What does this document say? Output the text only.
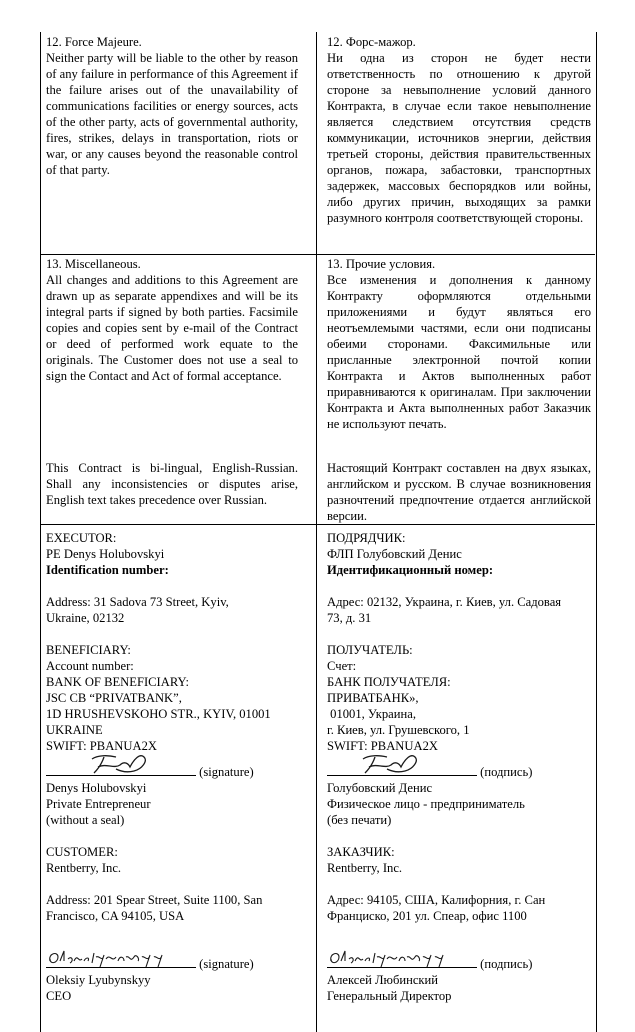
12. Force Majeure.
Neither party will be liable to the other by reason of any failure in performance of this Agreement if the failure arises out of the unavailability of communications facilities or energy sources, acts of the other party, acts of governmental authority, fires, strikes, delays in transportation, riots or war, or any causes beyond the reasonable control of that party.
12. Форс-мажор.
Ни одна из сторон не будет нести ответственность по отношению к другой стороне за невыполнение условий данного Контракта, в случае если такое невыполнение является следствием отсутствия средств коммуникации, источников энергии, действия третьей стороны, действия правительственных органов, пожара, забастовки, транспортных задержек, массовых беспорядков или войны, либо других причин, выходящих за рамки разумного контроля соответствующей стороны.
13. Miscellaneous.
All changes and additions to this Agreement are drawn up as separate appendixes and will be its integral parts if signed by both parties. Facsimile copies and copies sent by e-mail of the Contract or deed of performed work equate to the originals. The Customer does not use a seal to sign the Contact and Act of formal acceptance.
This Contract is bi-lingual, English-Russian. Shall any inconsistencies or disputes arise, English text takes precedence over Russian.
13. Прочие условия.
Все изменения и дополнения к данному Контракту оформляются отдельными приложениями и будут являться его неотъемлемыми частями, если они подписаны обеими сторонами. Факсимильные или присланные электронной почтой копии Контракта и Актов выполненных работ приравниваются к оригиналам. При заключении Контракта и Акта выполненных работ Заказчик не используют печать.
Настоящий Контракт составлен на двух языках, английском и русском. В случае возникновения разночтений предпочтение отдается английской версии.
EXECUTOR:
PE Denys Holubovskyi
Identification number:
Address: 31 Sadova 73 Street, Kyiv,
Ukraine, 02132
BENEFICIARY:
Account number:
BANK OF BENEFICIARY:
JSC CB “PRIVATBANK”,
1D HRUSHEVSKOHO STR., KYIV, 01001
UKRAINE
SWIFT: PBANUA2X
(signature)
Denys Holubovskyi
Private Entrepreneur
(without a seal)
CUSTOMER:
Rentberry, Inc.
Address: 201 Spear Street, Suite 1100, San
Francisco, CA 94105, USA
(signature)
Oleksiy Lyubynskyy
CEO
ПОДРЯДЧИК:
ФЛП Голубовский Денис
Идентификационный номер:
Адрес: 02132, Украина, г. Киев, ул. Садовая
73, д. 31
ПОЛУЧАТЕЛЬ:
Счет:
БАНК ПОЛУЧАТЕЛЯ:
ПРИВАТБАНК»,
01001, Украина,
г. Киев, ул. Грушевского, 1
SWIFT: PBANUA2X
(подпись)
Голубовский Денис
Физическое лицо - предприниматель
(без печати)
ЗАКАЗЧИК:
Rentberry, Inc.
Адрес: 94105, США, Калифорния, г. Сан
Франциско, 201 ул. Спеар, офис 1100
(подпись)
Алексей Любинский
Генеральный Директор
